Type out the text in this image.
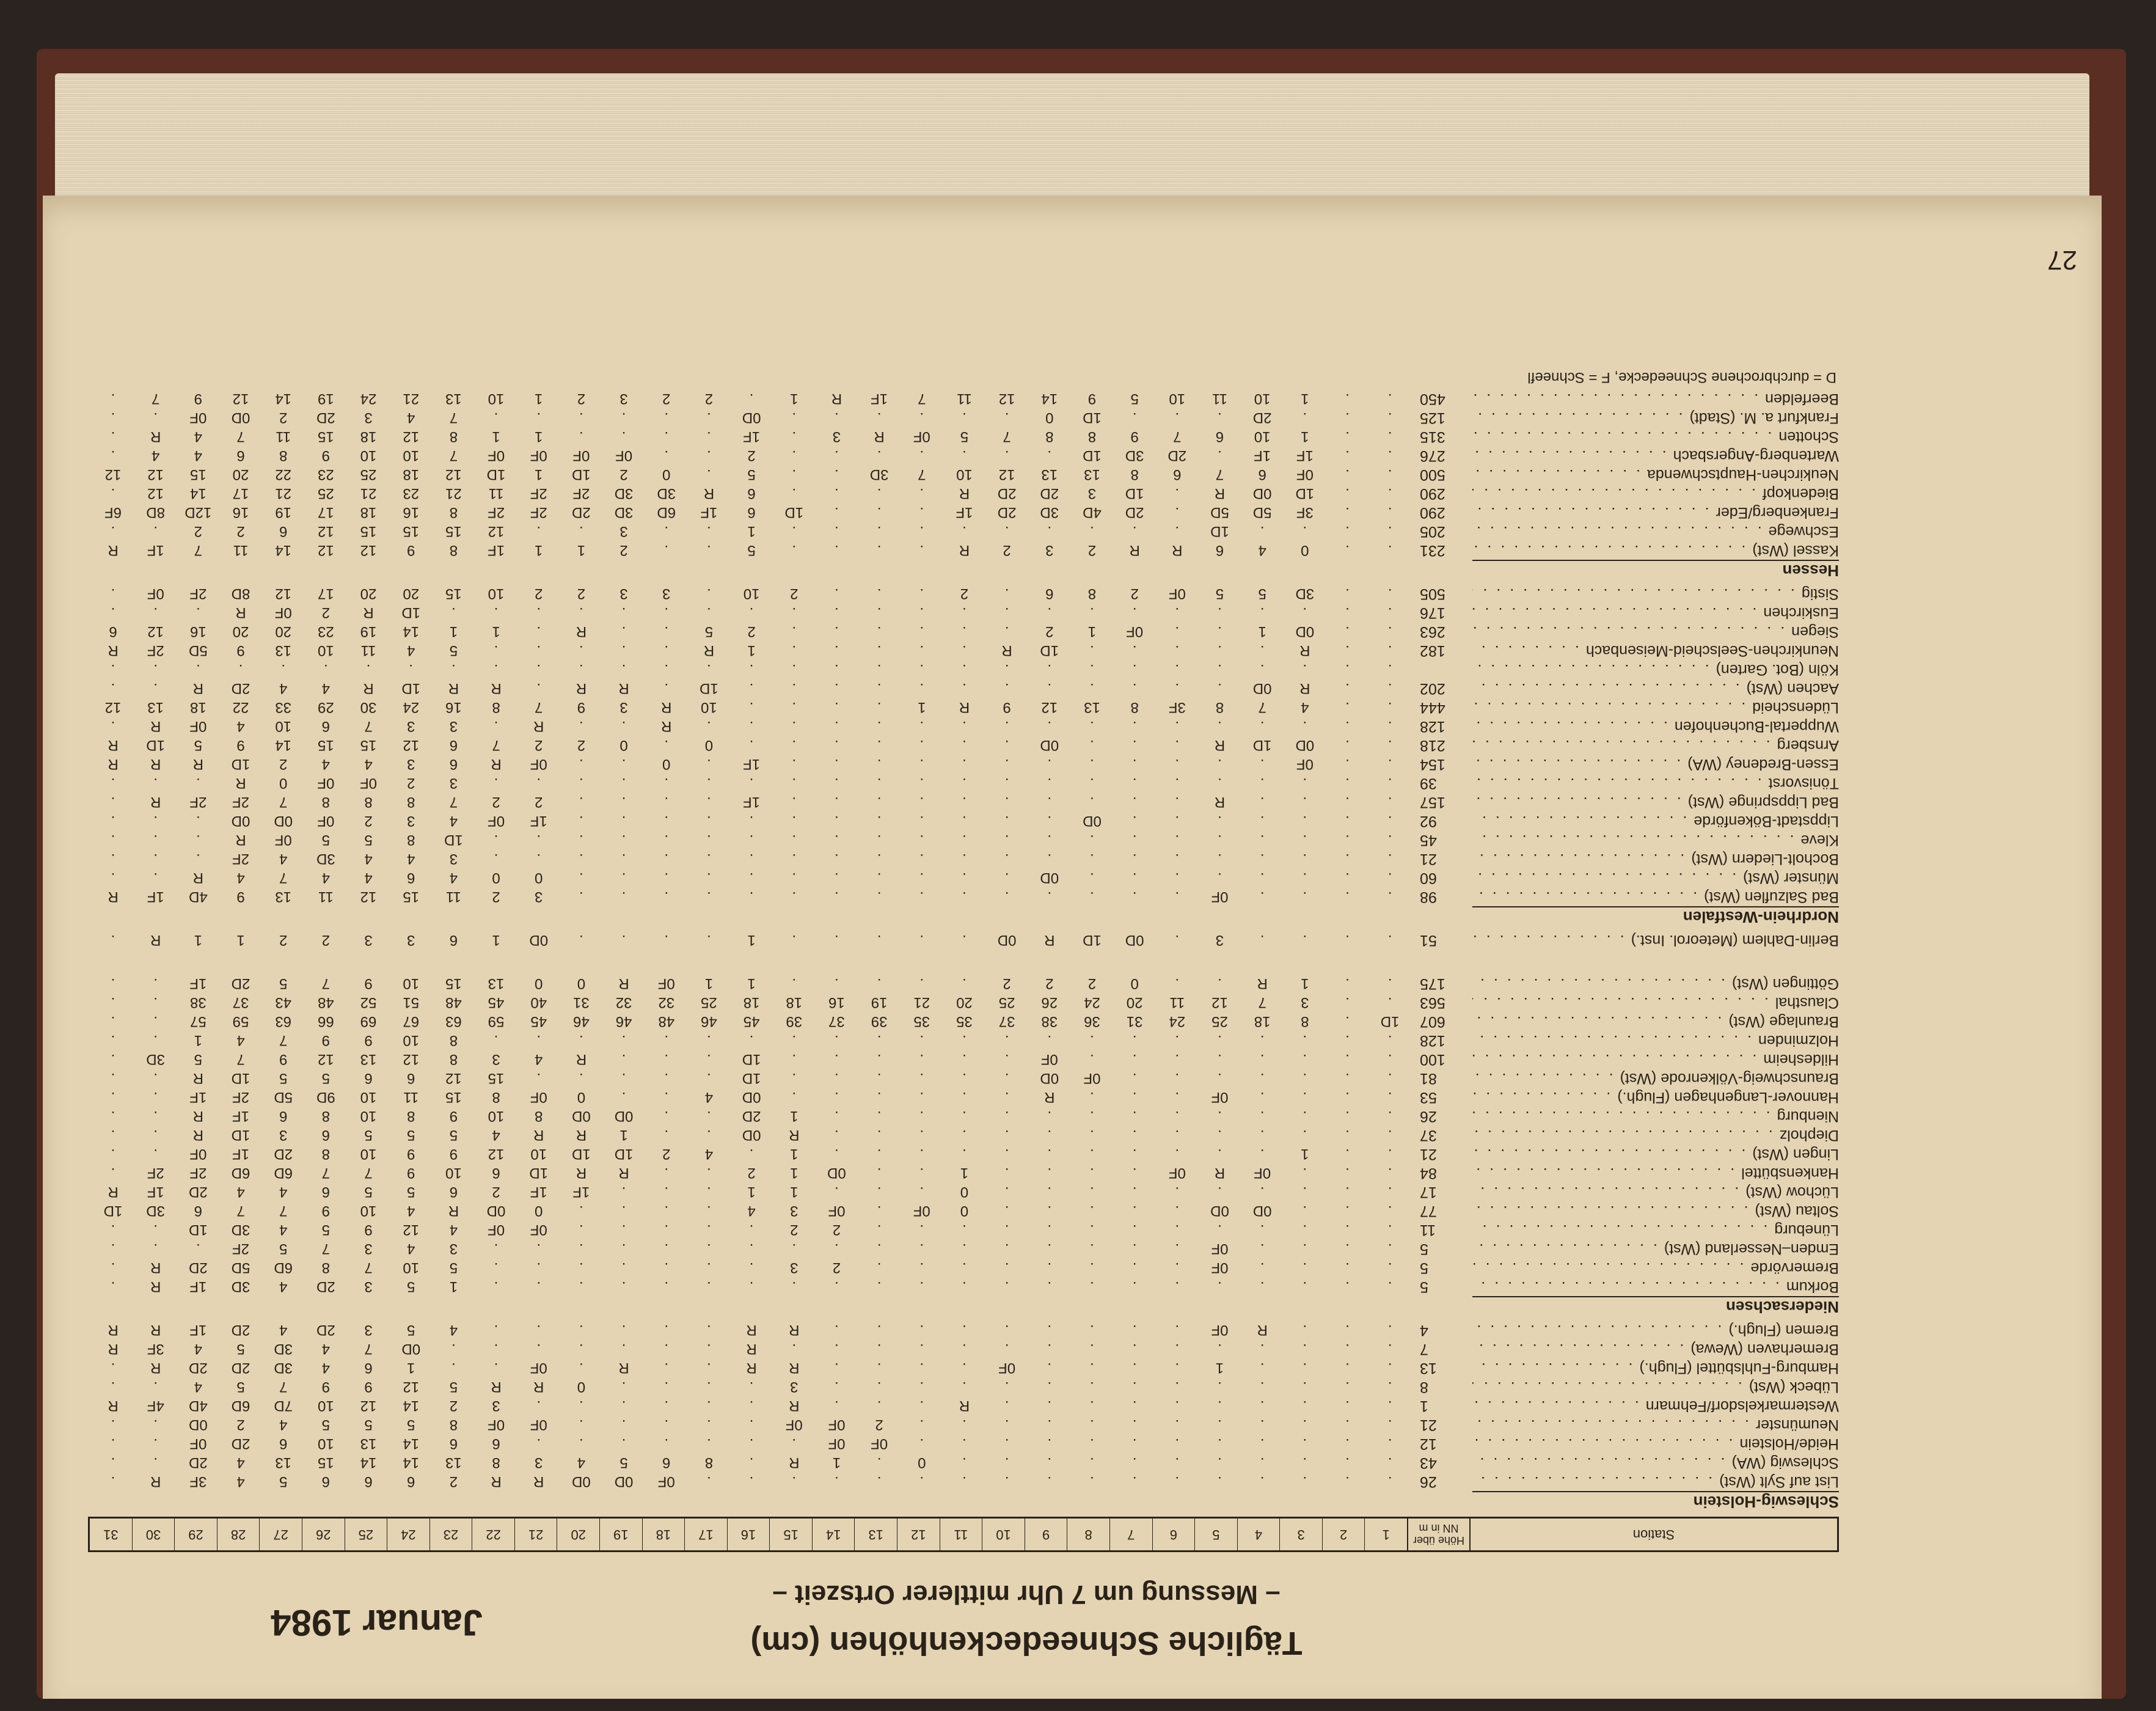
Tägliche Schneedeckenhöhen (cm)
– Messung um 7 Uhr mittlerer Ortszeit –
Januar 1984
Station
Höhe über NN in m
1
2
3
4
5
6
7
8
9
10
11
12
13
14
15
16
17
18
19
20
21
22
23
24
25
26
27
28
29
30
31
Schleswig-Holstein
List auf Sylt (Wst) . . .
26
.
.
.
.
.
.
.
.
.
.
.
.
.
.
.
.
.
0F
0D
0D
R
R
2
6
6
6
5
4
3F
R
.
Schleswig (WA) . . .
43
.
.
.
.
.
.
.
.
.
.
.
0
.
1
R
.
8
6
5
4
3
8
13
14
14
15
13
4
2D
.
.
Heide/Holstein . . .
12
.
.
.
.
.
.
.
.
.
.
.
.
0F
0F
.
.
.
.
.
.
.
6
6
14
13
10
6
2D
0F
.
.
Neumünster . . .
21
.
.
.
.
.
.
.
.
.
.
.
.
2
0F
0F
.
.
.
.
.
0F
0F
8
5
5
5
4
2
0D
.
.
Westermarkelsdorf/Fehmarn . . .
1
.
.
.
.
.
.
.
.
.
.
R
.
.
.
R
.
.
.
.
.
.
3
2
14
12
10
7D
6D
4D
4F
R
Lübeck (Wst) . . .
8
.
.
.
.
.
.
.
.
.
.
.
.
.
.
3
.
.
.
.
0
R
R
5
12
9
9
7
5
4
.
.
Hamburg-Fuhlsbüttel (Flugh.) . . .
13
.
.
.
.
1
.
.
.
.
0F
.
.
.
.
R
R
.
.
R
.
0F
.
.
1
6
4
3D
2D
2D
R
.
Bremerhaven (Wewa) . . .
7
.
.
.
.
.
.
.
.
.
.
.
.
.
.
.
R
.
.
.
.
.
.
.
0D
7
4
3D
5
4
3F
R
Bremen (Flugh.) . . .
4
.
.
.
R
0F
.
.
.
.
.
.
.
.
.
R
R
.
.
.
.
.
.
4
5
3
2D
4
2D
1F
R
R
Niedersachsen
Borkum . . .
5
.
.
.
.
.
.
.
.
.
.
.
.
.
.
.
.
.
.
.
.
.
.
1
5
3
2D
4
3D
1F
R
.
Bremervörde . . .
5
.
.
.
.
0F
.
.
.
.
.
.
.
.
2
3
.
.
.
.
.
.
.
5
10
7
8
6D
5D
2D
R
.
Emden–Nesserland (Wst) . . .
5
.
.
.
.
0F
.
.
.
.
.
.
.
.
.
.
.
.
.
.
.
.
.
3
4
3
7
5
2F
.
.
.
Lüneburg . . .
11
.
.
.
.
.
.
.
.
.
.
.
.
.
2
2
.
.
.
.
.
0F
0F
4
12
9
5
4
3D
1D
.
.
Soltau (Wst) . . .
77
.
.
.
0D
0D
.
.
.
.
.
0
0F
.
0F
3
4
.
.
.
.
0
0D
R
4
10
9
7
7
6
3D
1D
Lüchow (Wst) . . .
17
.
.
.
.
.
.
.
.
.
.
0
.
.
.
1
1
.
.
.
1F
1F
2
6
5
5
6
4
4
2D
1F
R
Hankensbüttel . . .
84
.
.
.
0F
R
0F
.
.
.
.
1
.
.
0D
1
2
.
.
R
R
1D
6
10
9
7
7
6D
6D
2F
2F
.
Lingen (Wst) . . .
21
.
.
1
.
.
.
.
.
.
.
.
.
.
.
1
.
4
2
1D
1D
10
12
9
9
10
8
2D
1F
0F
.
.
Diepholz . . .
37
.
.
.
.
.
.
.
.
.
.
.
.
.
.
R
0D
.
.
1
R
R
4
5
5
5
6
3
1D
R
.
.
Nienburg . . .
26
.
.
.
.
.
.
.
.
.
.
.
.
.
.
1
2D
.
.
0D
0D
8
10
9
8
10
8
6
1F
R
.
.
Hannover-Langenhagen (Flugh.) . . .
53
.
.
.
.
0F
.
.
.
R
.
.
.
.
.
.
0D
4
.
.
0
0F
8
15
11
10
9D
5D
2F
1F
.
.
Braunschweig-Völkenrode (Wst) . . .
81
.
.
.
.
.
.
.
0F
0D
.
.
.
.
.
.
1D
.
.
.
.
.
15
12
6
6
5
5
1D
R
.
.
Hildesheim . . .
100
.
.
.
.
.
.
.
.
0F
.
.
.
.
.
.
1D
.
.
.
R
4
3
8
12
13
12
9
7
5
3D
.
Holzminden . . .
128
.
.
.
.
.
.
.
.
.
.
.
.
.
.
.
.
.
.
.
.
.
.
8
10
9
9
7
4
1
.
.
Braunlage (Wst) . . .
607
1D
.
8
18
25
24
31
36
38
37
35
35
39
37
39
45
46
48
46
46
45
59
63
67
69
66
63
59
57
.
.
Clausthal . . .
563
.
.
3
7
12
11
20
24
26
25
20
21
19
16
18
18
25
32
32
31
40
45
48
51
52
48
43
37
38
.
.
Göttingen (Wst) . . .
175
.
.
1
R
.
.
0
2
2
2
.
.
.
.
.
1
1
0F
R
0
0
13
15
10
9
7
5
2D
1F
.
.
Berlin-Dahlem (Meteorol. Inst.) . . .
51
.
.
.
.
3
.
0D
1D
R
0D
.
.
.
.
.
1
.
.
.
.
0D
1
6
3
3
2
2
1
1
R
.
Nordrhein-Westfalen
Bad Salzuflen (Wst) . . .
98
.
.
.
.
0F
.
.
.
.
.
.
.
.
.
.
.
.
.
.
.
3
2
11
15
12
11
13
9
4D
1F
R
Münster (Wst) . . .
60
.
.
.
.
.
.
.
.
0D
.
.
.
.
.
.
.
.
.
.
.
0
0
4
6
4
4
7
4
R
.
.
Bocholt-Liedern (Wst) . . .
21
.
.
.
.
.
.
.
.
.
.
.
.
.
.
.
.
.
.
.
.
.
.
3
4
4
3D
4
2F
.
.
.
Kleve . . .
45
.
.
.
.
.
.
.
.
.
.
.
.
.
.
.
.
.
.
.
.
.
.
1D
8
5
5
0F
R
.
.
.
Lippstadt-Bökenförde . . .
92
.
.
.
.
.
.
.
0D
.
.
.
.
.
.
.
.
.
.
.
.
1F
0F
4
3
2
0F
0D
0D
.
.
.
Bad Lippspringe (Wst) . . .
157
.
.
.
.
R
.
.
.
.
.
.
.
.
.
.
1F
.
.
.
.
2
2
7
8
8
8
7
2F
2F
R
.
Tönisvorst . . .
39
.
.
.
.
.
.
.
.
.
.
.
.
.
.
.
.
.
.
.
.
.
.
3
2
0F
0F
0
R
.
.
.
Essen-Bredeney (WA) . . .
154
.
.
0F
.
.
.
.
.
.
.
.
.
.
.
.
1F
.
0
.
.
0F
R
6
3
4
4
2
1D
R
R
R
Arnsberg . . .
218
.
.
0D
1D
R
.
.
.
0D
.
.
.
.
.
.
.
0
.
0
2
2
7
6
12
15
15
14
9
5
1D
R
Wuppertal-Buchenhofen . . .
128
.
.
.
.
.
.
.
.
.
.
.
.
.
.
.
.
.
R
.
.
R
.
3
3
7
6
10
4
0F
R
.
Lüdenscheid . . .
444
.
.
4
7
8
3F
8
13
12
9
R
1
.
.
.
.
10
R
3
9
7
8
16
24
30
29
33
22
18
13
12
Aachen (Wst) . . .
202
.
.
R
0D
.
.
.
.
.
.
.
.
.
.
.
.
1D
.
R
R
.
R
R
1D
R
4
4
2D
R
.
.
Köln (Bot. Garten) . . .
.
.
.
.
.
.
.
.
.
.
.
.
.
.
.
.
.
.
.
.
.
.
.
.
.
.
.
.
.
.
.
Neunkirchen-Seelscheid-Meisenbach . . .
182
.
.
R
.
.
.
.
.
1D
R
.
.
.
.
.
1
R
.
.
.
.
.
5
4
11
10
13
9
5D
2F
R
Siegen . . .
263
.
.
0D
1
.
.
0F
1
2
.
.
.
.
.
.
2
5
.
.
R
.
1
1
14
19
23
20
20
16
12
6
Euskirchen . . .
176
.
.
.
.
.
.
.
.
.
.
.
.
.
.
.
.
.
.
.
.
.
.
.
1D
R
2
0F
R
.
.
.
Sistig . . .
505
.
.
3D
5
5
0F
2
8
6
.
2
.
.
.
2
10
.
3
3
2
2
10
15
20
20
17
12
8D
2F
0F
.
Hessen
Kassel (Wst) . . .
231
.
.
0
4
6
R
R
2
3
2
R
.
.
.
.
5
.
.
2
1
1
1F
8
9
12
12
14
11
7
1F
R
Eschwege . . .
205
.
.
.
.
1D
.
.
.
.
.
.
.
.
.
.
1
.
.
3
.
.
12
15
15
15
12
6
2
2
.
.
Frankenberg/Eder . . .
290
.
.
3F
5D
5D
.
2D
4D
3D
2D
1F
.
.
.
1D
6
1F
6D
3D
2D
2F
2F
8
16
18
17
19
16
12D
8D
6F
Biedenkopf . . .
290
.
.
1D
0D
R
.
1D
3
2D
2D
R
.
.
.
.
6
R
3D
3D
2F
2F
11
21
23
21
25
21
17
14
12
.
Neukirchen-Hauptschwenda . . .
500
.
.
0F
6
7
6
8
13
13
12
10
7
3D
.
.
5
.
0
2
1D
1
1D
12
18
25
23
22
20
15
12
12
Wartenberg-Angersbach . . .
276
.
.
1F
1F
.
2D
3D
1D
.
.
.
.
.
.
.
2
.
.
0F
0F
0F
0F
7
10
10
9
8
6
4
4
.
Schotten . . .
315
.
.
1
10
6
7
9
8
8
7
5
0F
R
3
.
1F
.
.
.
.
1
1
8
12
18
15
11
7
4
R
.
Frankfurt a. M. (Stadt) . . .
125
.
.
.
2D
.
.
.
1D
0
.
.
.
.
.
.
0D
.
.
.
.
.
.
7
4
3
2D
2
0D
0F
.
.
Beerfelden . . .
450
.
.
1
10
11
10
5
9
14
12
11
7
1F
R
1
.
2
2
3
2
1
10
13
21
24
19
14
12
9
7
.
D = durchbrochene Schneedecke, F = Schneefl
27
